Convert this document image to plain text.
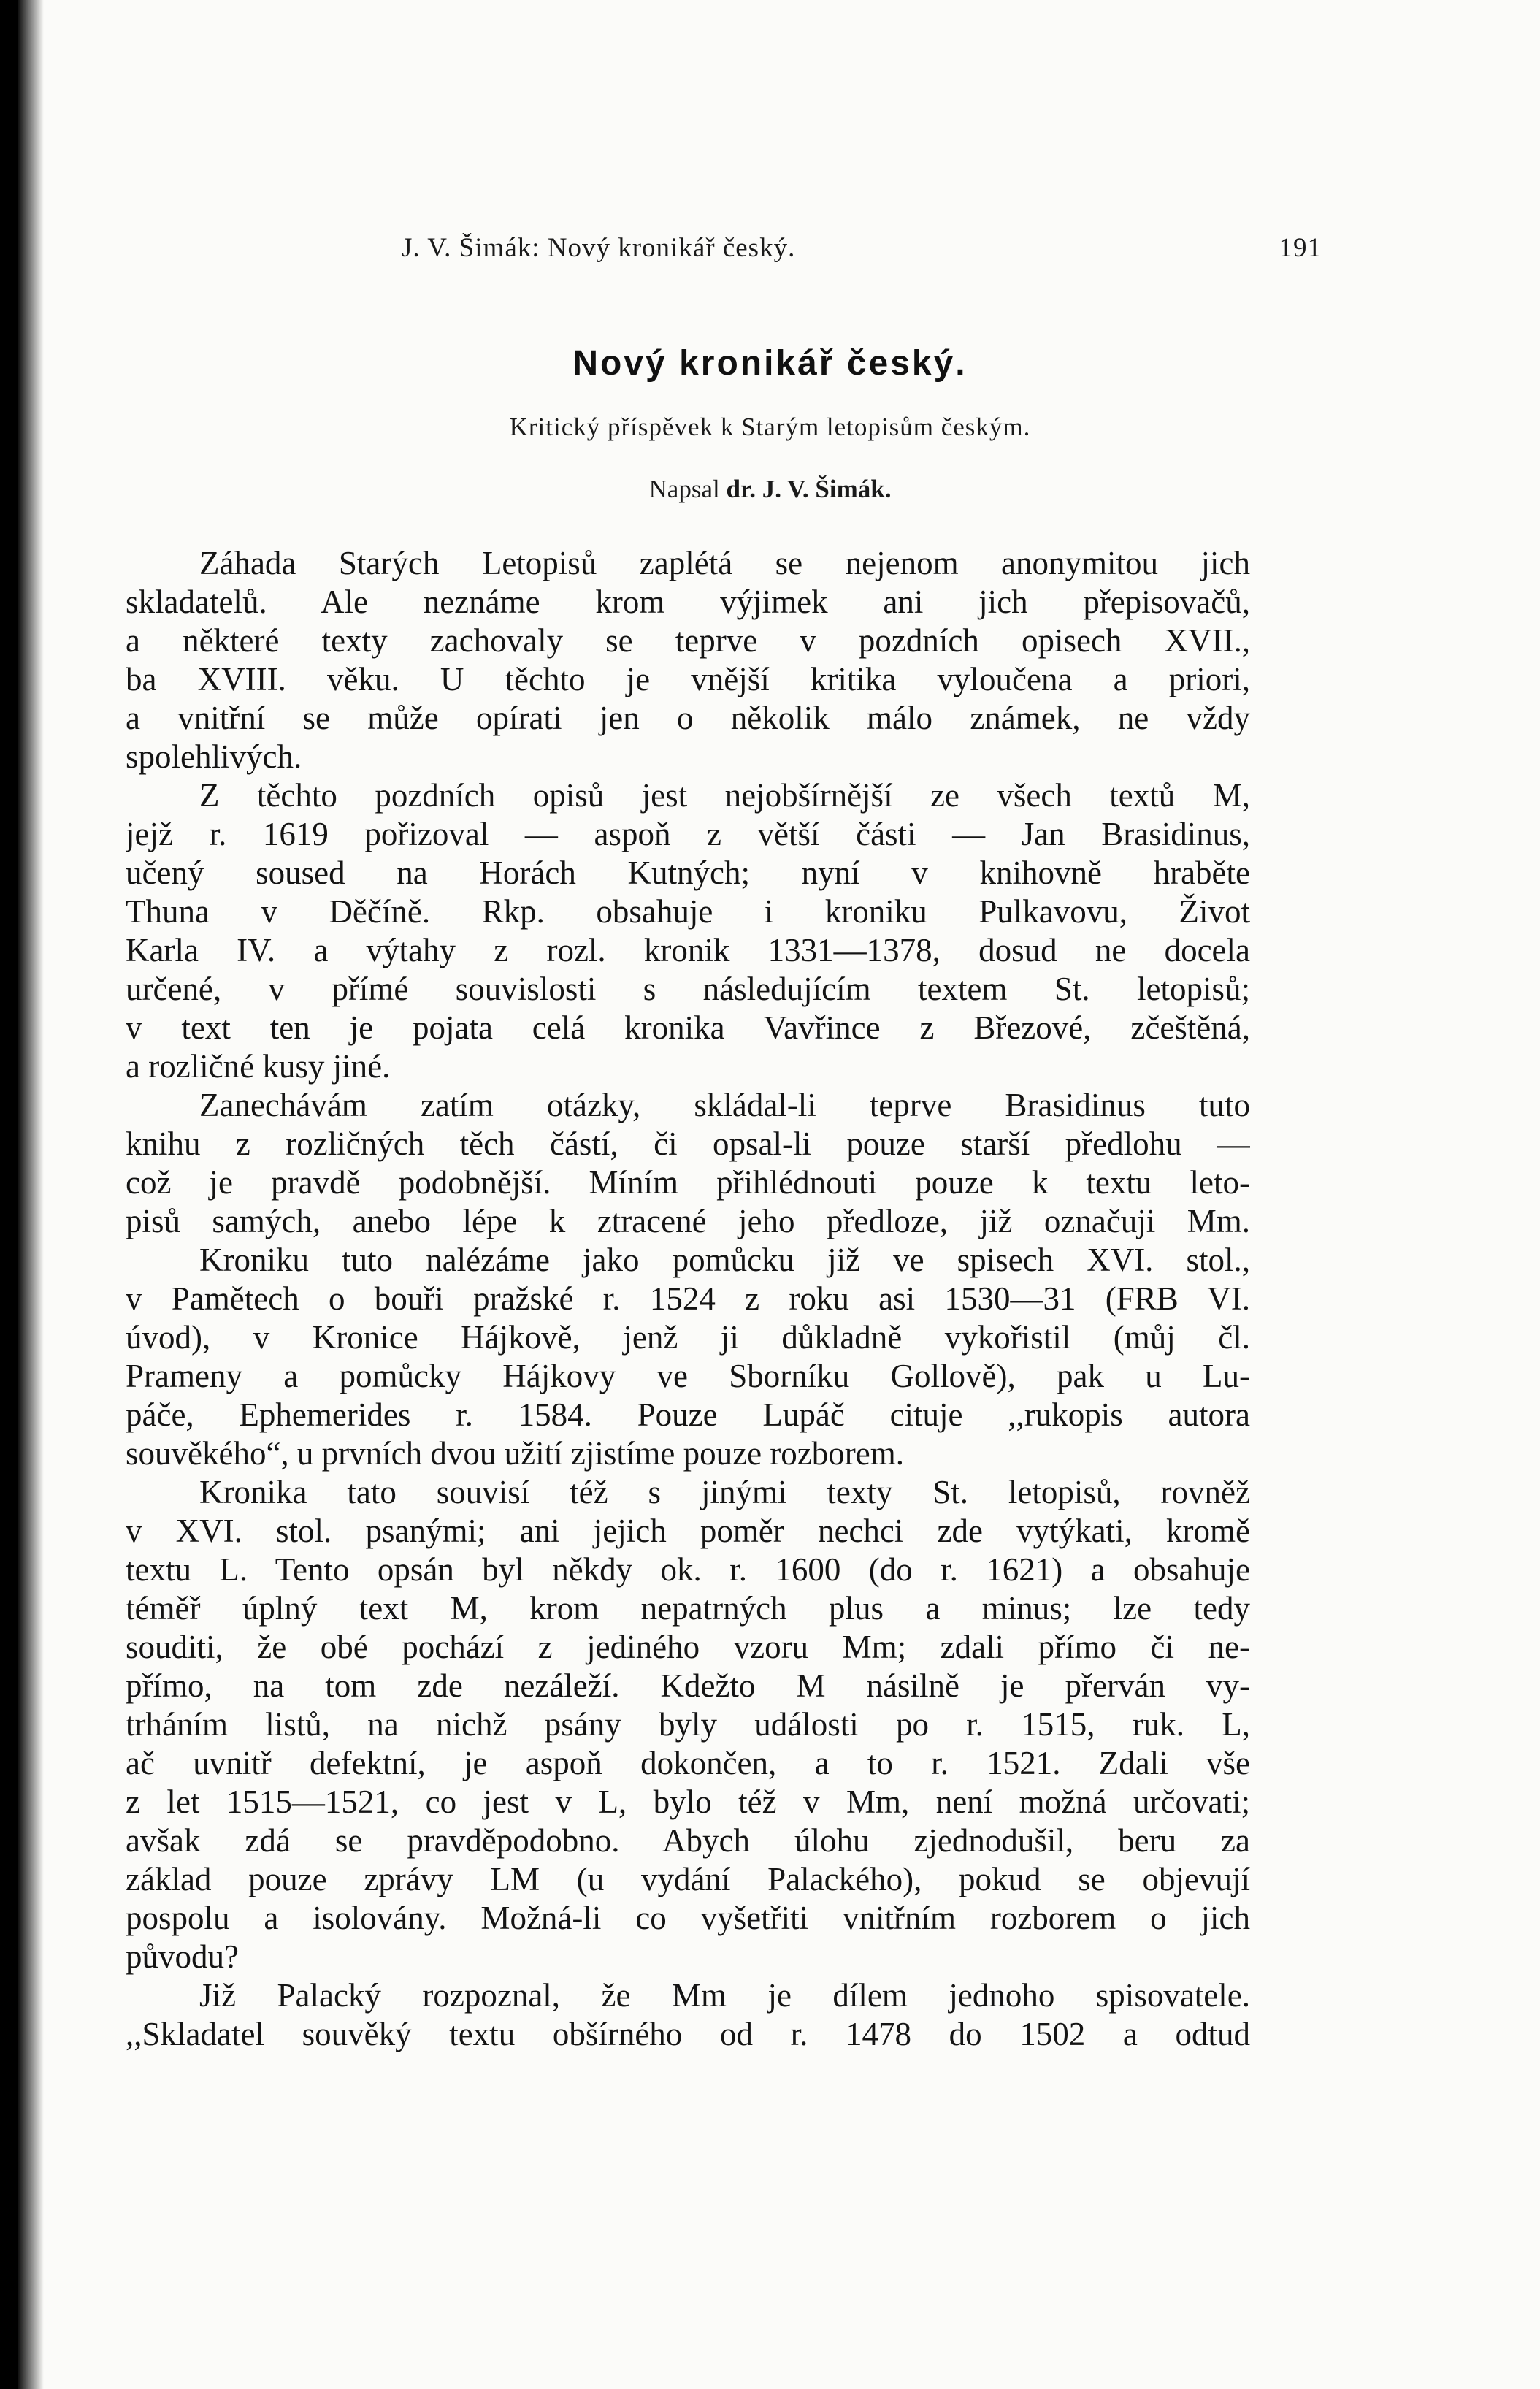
J. V. Šimák: Nový kronikář český.	191
Nový kronikář český.
Kritický příspěvek k Starým letopisům českým.
Napsal dr. J. V. Šimák.
Záhada Starých Letopisů zaplétá se nejenom anonymitou jich
skladatelů. Ale neznáme krom výjimek ani jich přepisovačů,
a některé texty zachovaly se teprve v pozdních opisech XVII.,
ba XVIII. věku. U těchto je vnější kritika vyloučena a priori,
a vnitřní se může opírati jen o několik málo známek, ne vždy
spolehlivých.
Z těchto pozdních opisů jest nejobšírnější ze všech textů M,
jejž r. 1619 pořizoval — aspoň z větší části — Jan Brasidinus,
učený soused na Horách Kutných; nyní v knihovně hraběte
Thuna v Děčíně. Rkp. obsahuje i kroniku Pulkavovu, Život
Karla IV. a výtahy z rozl. kronik 1331—1378, dosud ne docela
určené, v přímé souvislosti s následujícím textem St. letopisů;
v text ten je pojata celá kronika Vavřince z Březové, zčeštěná,
a rozličné kusy jiné.
Zanechávám zatím otázky, skládal-li teprve Brasidinus tuto
knihu z rozličných těch částí, či opsal-li pouze starší předlohu —
což je pravdě podobnější. Míním přihlédnouti pouze k textu leto-
pisů samých, anebo lépe k ztracené jeho předloze, již označuji Mm.
Kroniku tuto nalézáme jako pomůcku již ve spisech XVI. stol.,
v Pamětech o bouři pražské r. 1524 z roku asi 1530—31 (FRB VI.
úvod), v Kronice Hájkově, jenž ji důkladně vykořistil (můj čl.
Prameny a pomůcky Hájkovy ve Sborníku Gollově), pak u Lu-
páče, Ephemerides r. 1584. Pouze Lupáč cituje ,,rukopis autora
souvěkého“, u prvních dvou užití zjistíme pouze rozborem.
Kronika tato souvisí též s jinými texty St. letopisů, rovněž
v XVI. stol. psanými; ani jejich poměr nechci zde vytýkati, kromě
textu L. Tento opsán byl někdy ok. r. 1600 (do r. 1621) a obsahuje
téměř úplný text M, krom nepatrných plus a minus; lze tedy
souditi, že obé pochází z jediného vzoru Mm; zdali přímo či ne-
přímo, na tom zde nezáleží. Kdežto M násilně je přerván vy-
trháním listů, na nichž psány byly události po r. 1515, ruk. L,
ač uvnitř defektní, je aspoň dokončen, a to r. 1521. Zdali vše
z let 1515—1521, co jest v L, bylo též v Mm, není možná určovati;
avšak zdá se pravděpodobno. Abych úlohu zjednodušil, beru za
základ pouze zprávy LM (u vydání Palackého), pokud se objevují
pospolu a isolovány. Možná-li co vyšetřiti vnitřním rozborem o jich
původu?
Již Palacký rozpoznal, že Mm je dílem jednoho spisovatele.
,,Skladatel souvěký textu obšírného od r. 1478 do 1502 a odtud
